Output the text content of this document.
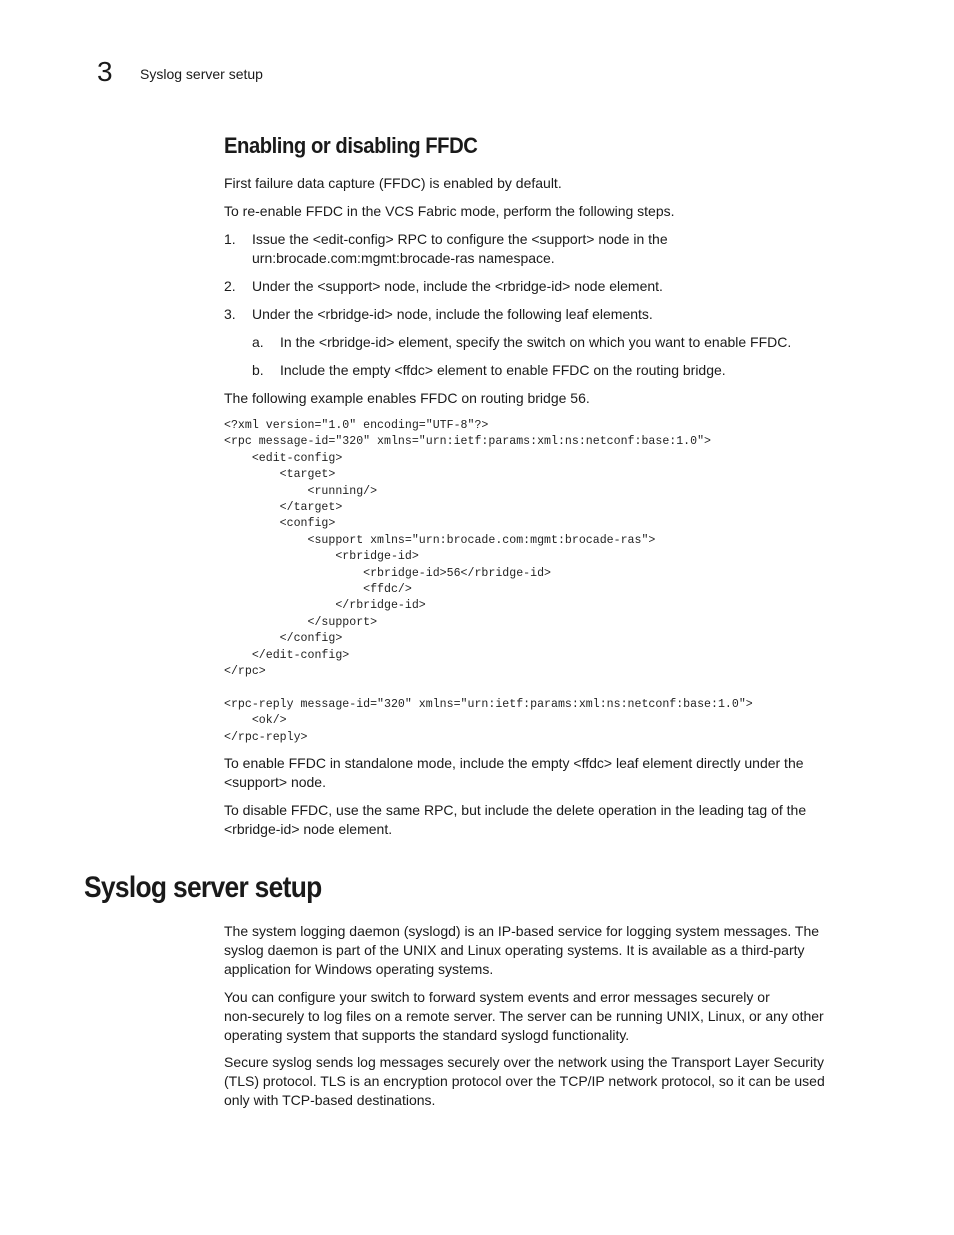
3 Syslog server setup
Enabling or disabling FFDC

First failure data capture (FFDC) is enabled by default.

To re-enable FFDC in the VCS Fabric mode, perform the following steps.

1. Issue the <edit-config> RPC to configure the <support> node in the
urn:brocade.com:mgmt:brocade-ras namespace.
2. Under the <support> node, include the <rbridge-id> node element.
3. Under the <rbridge-id> node, include the following leaf elements.
a. In the <rbridge-id> element, specify the switch on which you want to enable FFDC.
b. Include the empty <ffdc> element to enable FFDC on the routing bridge.

The following example enables FFDC on routing bridge 56.

<?xml version="1.0" encoding="UTF-8"?>
<rpc message-id="320" xmlns="urn:ietf:params:xml:ns:netconf:base:1.0">
<edit-config>
<target>
<running/>
</target>
<config>
<support xmlns="urn:brocade.com:mgmt:brocade-ras">
<rbridge-id>
<rbridge-id>56</rbridge-id>
<ffdc/>
</rbridge-id>
</support>
</config>
</edit-config>
</rpc>

<rpc-reply message-id="320" xmlns="urn:ietf:params:xml:ns:netconf:base:1.0">
<ok/>
</rpc-reply>
To enable FFDC in standalone mode, include the empty <ffdc> leaf element directly under the
<support> node.
To disable FFDC, use the same RPC, but include the delete operation in the leading tag of the
<rbridge-id> node element.
Syslog server setup
The system logging daemon (syslogd) is an IP-based service for logging system messages. The
syslog daemon is part of the UNIX and Linux operating systems. It is available as a third-party
application for Windows operating systems.
You can configure your switch to forward system events and error messages securely or
non-securely to log files on a remote server. The server can be running UNIX, Linux, or any other
operating system that supports the standard syslogd functionality.
Secure syslog sends log messages securely over the network using the Transport Layer Security
(TLS) protocol. TLS is an encryption protocol over the TCP/IP network protocol, so it can be used
only with TCP-based destinations.
